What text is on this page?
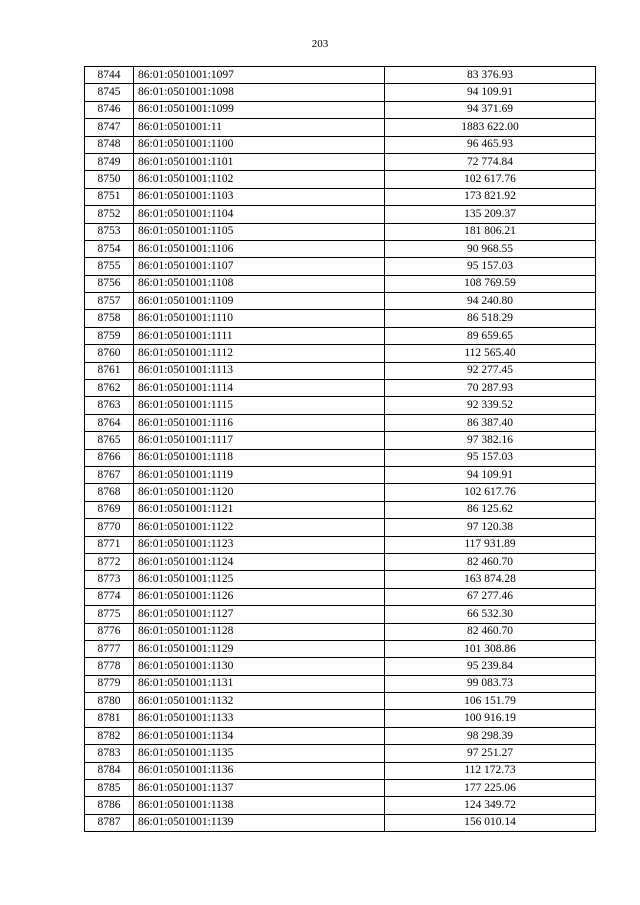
203
8744	86:01:0501001:1097	83 376.93
8745	86:01:0501001:1098	94 109.91
8746	86:01:0501001:1099	94 371.69
8747	86:01:0501001:11	1883 622.00
8748	86:01:0501001:1100	96 465.93
8749	86:01:0501001:1101	72 774.84
8750	86:01:0501001:1102	102 617.76
8751	86:01:0501001:1103	173 821.92
8752	86:01:0501001:1104	135 209.37
8753	86:01:0501001:1105	181 806.21
8754	86:01:0501001:1106	90 968.55
8755	86:01:0501001:1107	95 157.03
8756	86:01:0501001:1108	108 769.59
8757	86:01:0501001:1109	94 240.80
8758	86:01:0501001:1110	86 518.29
8759	86:01:0501001:1111	89 659.65
8760	86:01:0501001:1112	112 565.40
8761	86:01:0501001:1113	92 277.45
8762	86:01:0501001:1114	70 287.93
8763	86:01:0501001:1115	92 339.52
8764	86:01:0501001:1116	86 387.40
8765	86:01:0501001:1117	97 382.16
8766	86:01:0501001:1118	95 157.03
8767	86:01:0501001:1119	94 109.91
8768	86:01:0501001:1120	102 617.76
8769	86:01:0501001:1121	86 125.62
8770	86:01:0501001:1122	97 120.38
8771	86:01:0501001:1123	117 931.89
8772	86:01:0501001:1124	82 460.70
8773	86:01:0501001:1125	163 874.28
8774	86:01:0501001:1126	67 277.46
8775	86:01:0501001:1127	66 532.30
8776	86:01:0501001:1128	82 460.70
8777	86:01:0501001:1129	101 308.86
8778	86:01:0501001:1130	95 239.84
8779	86:01:0501001:1131	99 083.73
8780	86:01:0501001:1132	106 151.79
8781	86:01:0501001:1133	100 916.19
8782	86:01:0501001:1134	98 298.39
8783	86:01:0501001:1135	97 251.27
8784	86:01:0501001:1136	112 172.73
8785	86:01:0501001:1137	177 225.06
8786	86:01:0501001:1138	124 349.72
8787	86:01:0501001:1139	156 010.14
